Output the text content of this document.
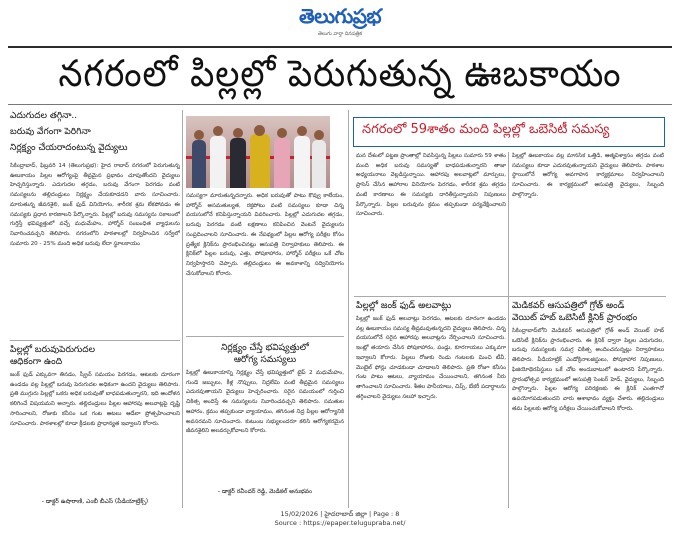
తెలుగుప్రభ
తెలుగు వార్తా దినపత్రిక
నగరంలో పిల్లల్లో పెరుగుతున్న ఊబకాయం
ఎదుగుదల తగ్గినా..
బరువు వేగంగా పెరిగినా
నిర్లక్ష్యం చేయరాదంటున్న వైద్యులు
సికింద్రాబాద్, ఫిబ్రవరి 14 (తెలుగుప్రభ): హైద రాబాద్ నగరంలో పెరుగుతున్న ఊబకాయం పిల్లల ఆరోగ్యంపై తీవ్రమైన ప్రభావం చూపుతోందని వైద్యులు హెచ్చరిస్తున్నారు. ఎదుగుదల తగ్గడం, బరువు వేగంగా పెరగడం వంటి సమస్యలను తల్లిదండ్రులు నిర్లక్ష్యం చేయకూడదని వారు సూచించారు. మారుతున్న జీవనశైలి, జంక్ ఫుడ్ వినియోగం, శారీరక శ్రమ లేకపోవడం ఈ సమస్యకు ప్రధాన కారణాలని పేర్కొన్నారు. పిల్లల్లో బరువు సమస్యను సకాలంలో గుర్తిస్తే భవిష్యత్తులో వచ్చే మధుమేహం, హార్మోన్ సంబంధిత వ్యాధులను నివారించవచ్చని తెలిపారు. నగరంలోని పాఠశాలల్లో నిర్వహించిన సర్వేలో సుమారు 20 - 25% మంది అధిక బరువు లేదా స్థూలకాయం
పిల్లల్లో బరువుపెరుగుదల
ఆధికంగా ఉంది
జంక్ ఫుడ్ ఎక్కువగా తినడం, స్క్రీన్ సమయం పెరగడం, ఆటలకు దూరంగా ఉండడం వల్ల పిల్లల్లో బరువు పెరుగుదల అధికంగా ఉందని వైద్యులు తెలిపారు. ప్రతి ముగ్గురు పిల్లల్లో ఒకరు అధిక బరువుతో బాధపడుతున్నారని, ఇది ఆందోళన కలిగించే విషయమని అన్నారు. తల్లిదండ్రులు పిల్లల ఆహారపు అలవాట్లపై దృష్టి సారించాలని, రోజుకు కనీసం ఒక గంట ఆటలు ఆడేలా ప్రోత్సహించాలని సూచించారు. పాఠశాలల్లో కూడా క్రీడలకు ప్రాధాన్యత ఇవ్వాలని కోరారు.
- డాక్టర్ ఉషారాణి, ఎంబీ బీఎస్ (పీడియాట్రిక్స్)
సమస్యగా మారుతున్నదన్నారు. అధిక బరువుతో పాటు కొవ్వు కాలేయం, హార్మోన్ అసమతుల్యత, రక్తపోటు వంటి సమస్యలు కూడా చిన్న వయసులోనే కనిపిస్తున్నాయని వివరించారు. పిల్లల్లో ఎదుగుదల తగ్గడం, బరువు పెరగడం వంటి లక్షణాలు కనిపించిన వెంటనే వైద్యులను సంప్రదించాలని సూచించారు. ఈ నేపథ్యంలో పిల్లల ఆరోగ్య పరీక్షల కోసం ప్రత్యేక క్లినిక్‌ను ప్రారంభించినట్లు ఆసుపత్రి నిర్వాహకులు తెలిపారు. ఈ క్లినిక్‌లో పిల్లల బరువు, ఎత్తు, పోషకాహారం, హార్మోన్ పరీక్షలు ఒకే చోట నిర్వహిస్తారని చెప్పారు. తల్లిదండ్రులు ఈ అవకాశాన్ని సద్వినియోగం చేసుకోవాలని కోరారు.
నిర్లక్ష్యం చేస్తే భవిష్యత్తులో
ఆరోగ్య సమస్యలు
పిల్లల్లో ఊబకాయాన్ని నిర్లక్ష్యం చేస్తే భవిష్యత్తులో టైప్ 2 మధుమేహం, గుండె జబ్బులు, కీళ్ల నొప్పులు, నిద్రలేమి వంటి తీవ్రమైన సమస్యలు ఎదురవుతాయని వైద్యులు హెచ్చరించారు. సరైన సమయంలో గుర్తించి చికిత్స అందిస్తే ఈ సమస్యలను నివారించవచ్చని తెలిపారు. సమతుల ఆహారం, క్రమం తప్పకుండా వ్యాయామం, తగినంత నిద్ర పిల్లల ఆరోగ్యానికి అవసరమని సూచించారు. కుటుంబ సభ్యులందరూ కలిసి ఆరోగ్యకరమైన జీవనశైలిని అలవర్చుకోవాలని కోరారు.
- డాక్టర్ రవీందర్ రెడ్డి, మెడికల్ అనుభవం
నగరంలో 59శాతం మంది పిల్లల్లో ఒబెసిటీ సమస్య
మన దేశంలో పట్టణ ప్రాంతాల్లో నివసిస్తున్న పిల్లలు సుమారు 59 శాతం మంది అధిక బరువు సమస్యతో బాధపడుతున్నారని తాజా అధ్యయనాలు వెల్లడిస్తున్నాయి. ఆహారపు అలవాట్లలో మార్పులు, ప్రాసెస్ చేసిన ఆహారాల వినియోగం పెరగడం, శారీరక శ్రమ తగ్గడం వంటి కారణాలు ఈ సమస్యకు దారితీస్తున్నాయని నిపుణులు పేర్కొన్నారు. పిల్లల బరువును క్రమం తప్పకుండా పర్యవేక్షించాలని సూచించారు.
పిల్లల్లో ఊబకాయం వల్ల మానసిక ఒత్తిడి, ఆత్మవిశ్వాసం తగ్గడం వంటి సమస్యలు కూడా ఎదురవుతున్నాయని వైద్యులు తెలిపారు. పాఠశాల స్థాయిలోనే ఆరోగ్య అవగాహన కార్యక్రమాలు నిర్వహించాలని సూచించారు. ఈ కార్యక్రమంలో ఆసుపత్రి వైద్యులు, సిబ్బంది పాల్గొన్నారు.
పిల్లల్లో జంక్ ఫుడ్ అలవాట్లు
పిల్లల్లో జంక్ ఫుడ్ అలవాట్లు పెరగడం, ఆటలకు దూరంగా ఉండడం వల్ల ఊబకాయం సమస్య తీవ్రమవుతున్నదని వైద్యులు తెలిపారు. చిన్న వయసులోనే సరైన ఆహారపు అలవాట్లను నేర్పించాలని సూచించారు. ఇంట్లో తయారు చేసిన పోషకాహారం, పండ్లు, కూరగాయలు ఎక్కువగా ఇవ్వాలని కోరారు. పిల్లలు రోజుకు రెండు గంటలకు మించి టీవీ, మొబైల్ ఫోన్లు చూడకుండా చూడాలని తెలిపారు. ప్రతి రోజూ కనీసం గంట పాటు ఆటలు, వ్యాయామం చేయించాలని, తగినంత నీరు తాగించాలని సూచించారు. శీతల పానీయాలు, చిప్స్, బేకరీ పదార్థాలను తగ్గించాలని వైద్యులు సలహా ఇచ్చారు.
మెడికవర్ ఆసుపత్రిలో గ్రోత్ అండ్
వెయిట్ హబ్ ఒబెసిటీ క్లినిక్ ప్రారంభం
సికింద్రాబాద్‌లోని మెడికవర్ ఆసుపత్రిలో గ్రోత్ అండ్ వెయిట్ హబ్ ఒబెసిటీ క్లినిక్‌ను ప్రారంభించారు. ఈ క్లినిక్ ద్వారా పిల్లల ఎదుగుదల, బరువు సమస్యలకు సమగ్ర చికిత్స అందించనున్నట్లు నిర్వాహకులు తెలిపారు. పీడియాట్రిక్ ఎండోక్రినాలజిస్టులు, పోషకాహార నిపుణులు, ఫిజియోథెరపిస్టులు ఒకే చోట అందుబాటులో ఉంటారని పేర్కొన్నారు. ప్రారంభోత్సవ కార్యక్రమంలో ఆసుపత్రి సెంటర్ హెడ్, వైద్యులు, సిబ్బంది పాల్గొన్నారు. పిల్లల ఆరోగ్య పరిరక్షణకు ఈ క్లినిక్ ఎంతగానో ఉపయోగపడుతుందని వారు ఆశాభావం వ్యక్తం చేశారు. తల్లిదండ్రులు తమ పిల్లలకు ఆరోగ్య పరీక్షలు చేయించుకోవాలని కోరారు.
15/02/2026 | హైదరాబాద్ జిల్లా | Page : 8
Source : https://epaper.telugupraba.net/
